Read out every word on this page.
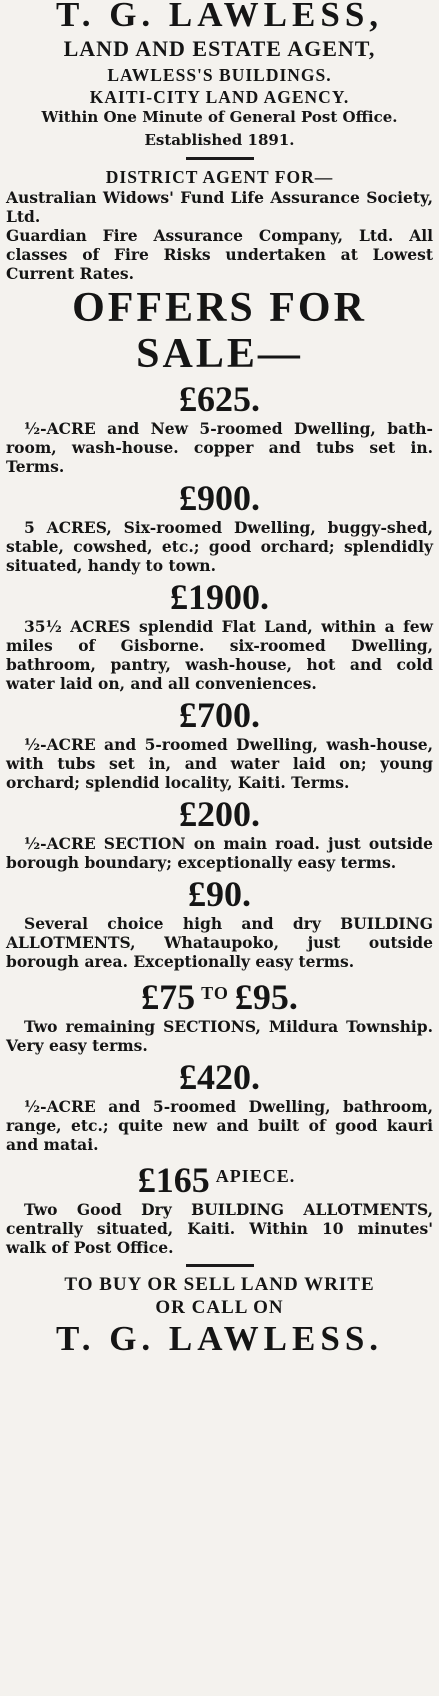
T. G. LAWLESS,
LAND AND ESTATE AGENT,
LAWLESS'S BUILDINGS.
KAITI-CITY LAND AGENCY.
Within One Minute of General Post Office.
Established 1891.
DISTRICT AGENT FOR—
Australian Widows' Fund Life Assurance Society, Ltd.
Guardian Fire Assurance Company, Ltd. All classes of Fire Risks undertaken at Lowest Current Rates.
OFFERS FOR SALE—
£625.
½-ACRE and New 5-roomed Dwelling, bath-room, wash-house. copper and tubs set in. Terms.
£900.
5 ACRES, Six-roomed Dwelling, buggy-shed, stable, cowshed, etc.; good orchard; splendidly situated, handy to town.
£1900.
35½ ACRES splendid Flat Land, within a few miles of Gisborne. six-roomed Dwelling, bathroom, pantry, wash-house, hot and cold water laid on, and all conveniences.
£700.
½-ACRE and 5-roomed Dwelling, wash-house, with tubs set in, and water laid on; young orchard; splendid locality, Kaiti. Terms.
£200.
½-ACRE SECTION on main road. just outside borough boundary; exceptionally easy terms.
£90.
Several choice high and dry BUILDING ALLOTMENTS, Whataupoko, just outside borough area. Exceptionally easy terms.
£75 $^{TO}$ £95.
Two remaining SECTIONS, Mildura Township. Very easy terms.
£420.
½-ACRE and 5-roomed Dwelling, bathroom, range, etc.; quite new and built of good kauri and matai.
£165 $^{APIECE.}$
Two Good Dry BUILDING ALLOTMENTS, centrally situated, Kaiti. Within 10 minutes' walk of Post Office.
TO BUY OR SELL LAND WRITE
OR CALL ON
T. G. LAWLESS.
